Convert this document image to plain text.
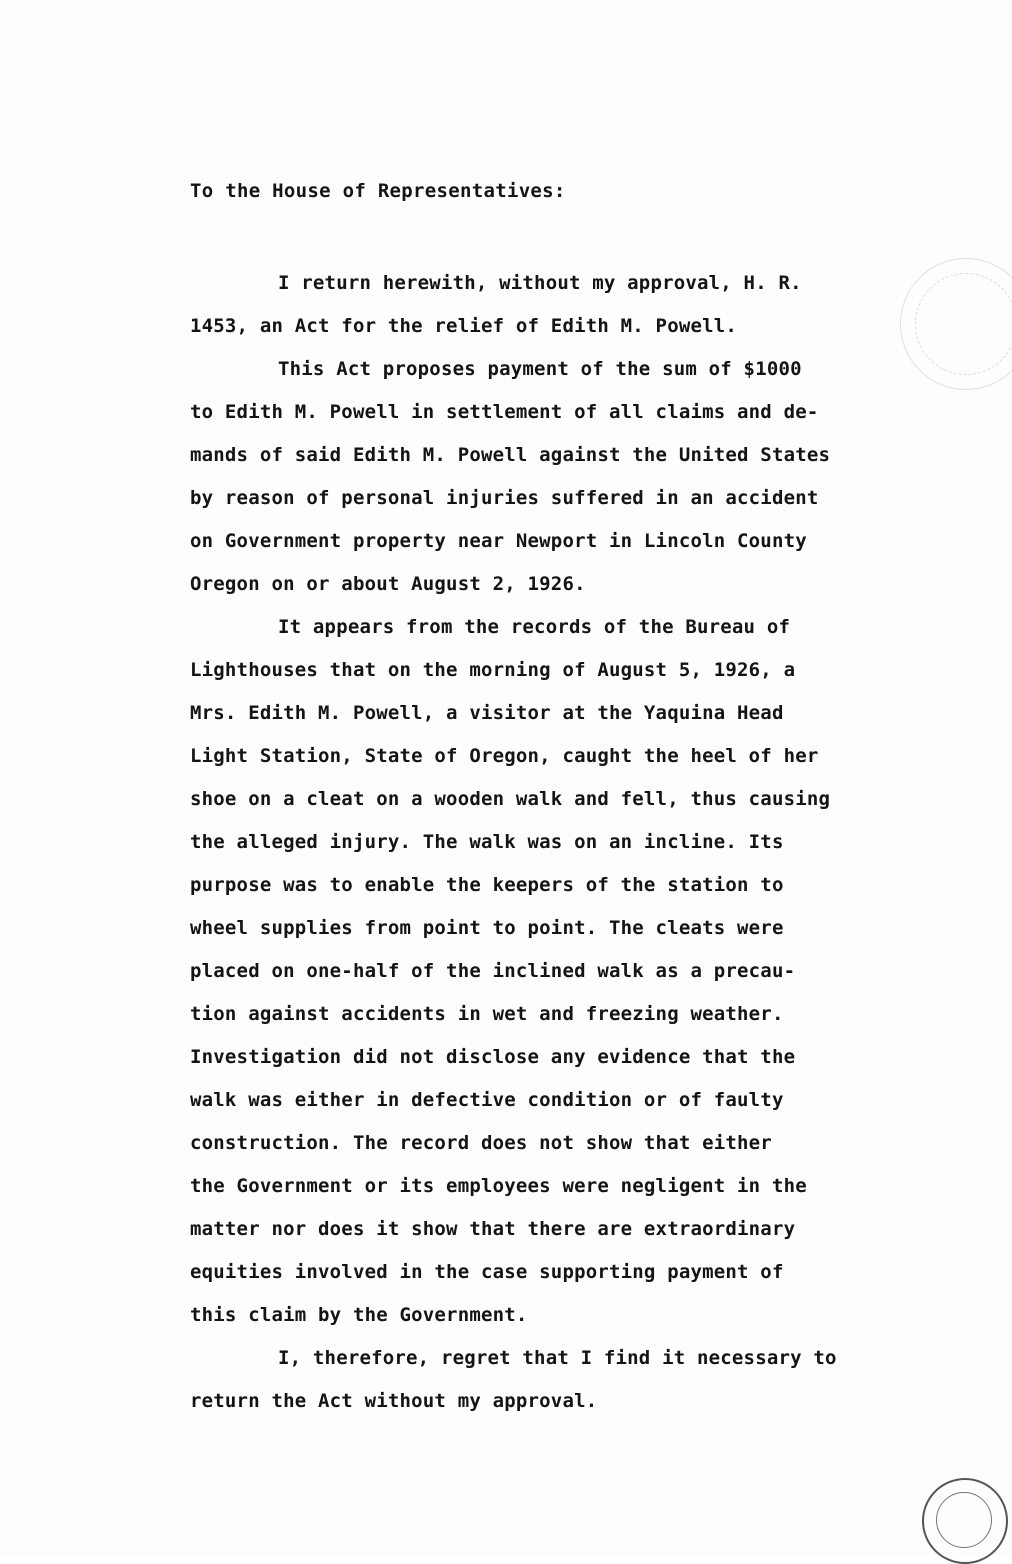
To the House of Representatives:

I return herewith, without my approval, H. R.
1453, an Act for the relief of Edith M. Powell.

This Act proposes payment of the sum of $1000
to Edith M. Powell in settlement of all claims and de-
mands of said Edith M. Powell against the United States
by reason of personal injuries suffered in an accident
on Government property near Newport in Lincoln County
Oregon on or about August 2, 1926.

It appears from the records of the Bureau of
Lighthouses that on the morning of August 5, 1926, a
Mrs. Edith M. Powell, a visitor at the Yaquina Head
Light Station, State of Oregon, caught the heel of her
shoe on a cleat on a wooden walk and fell, thus causing
the alleged injury. The walk was on an incline. Its
purpose was to enable the keepers of the station to
wheel supplies from point to point. The cleats were
placed on one-half of the inclined walk as a precau-
tion against accidents in wet and freezing weather.
Investigation did not disclose any evidence that the
walk was either in defective condition or of faulty
construction. The record does not show that either
the Government or its employees were negligent in the
matter nor does it show that there are extraordinary
equities involved in the case supporting payment of
this claim by the Government.

I, therefore, regret that I find it necessary to
return the Act without my approval.
